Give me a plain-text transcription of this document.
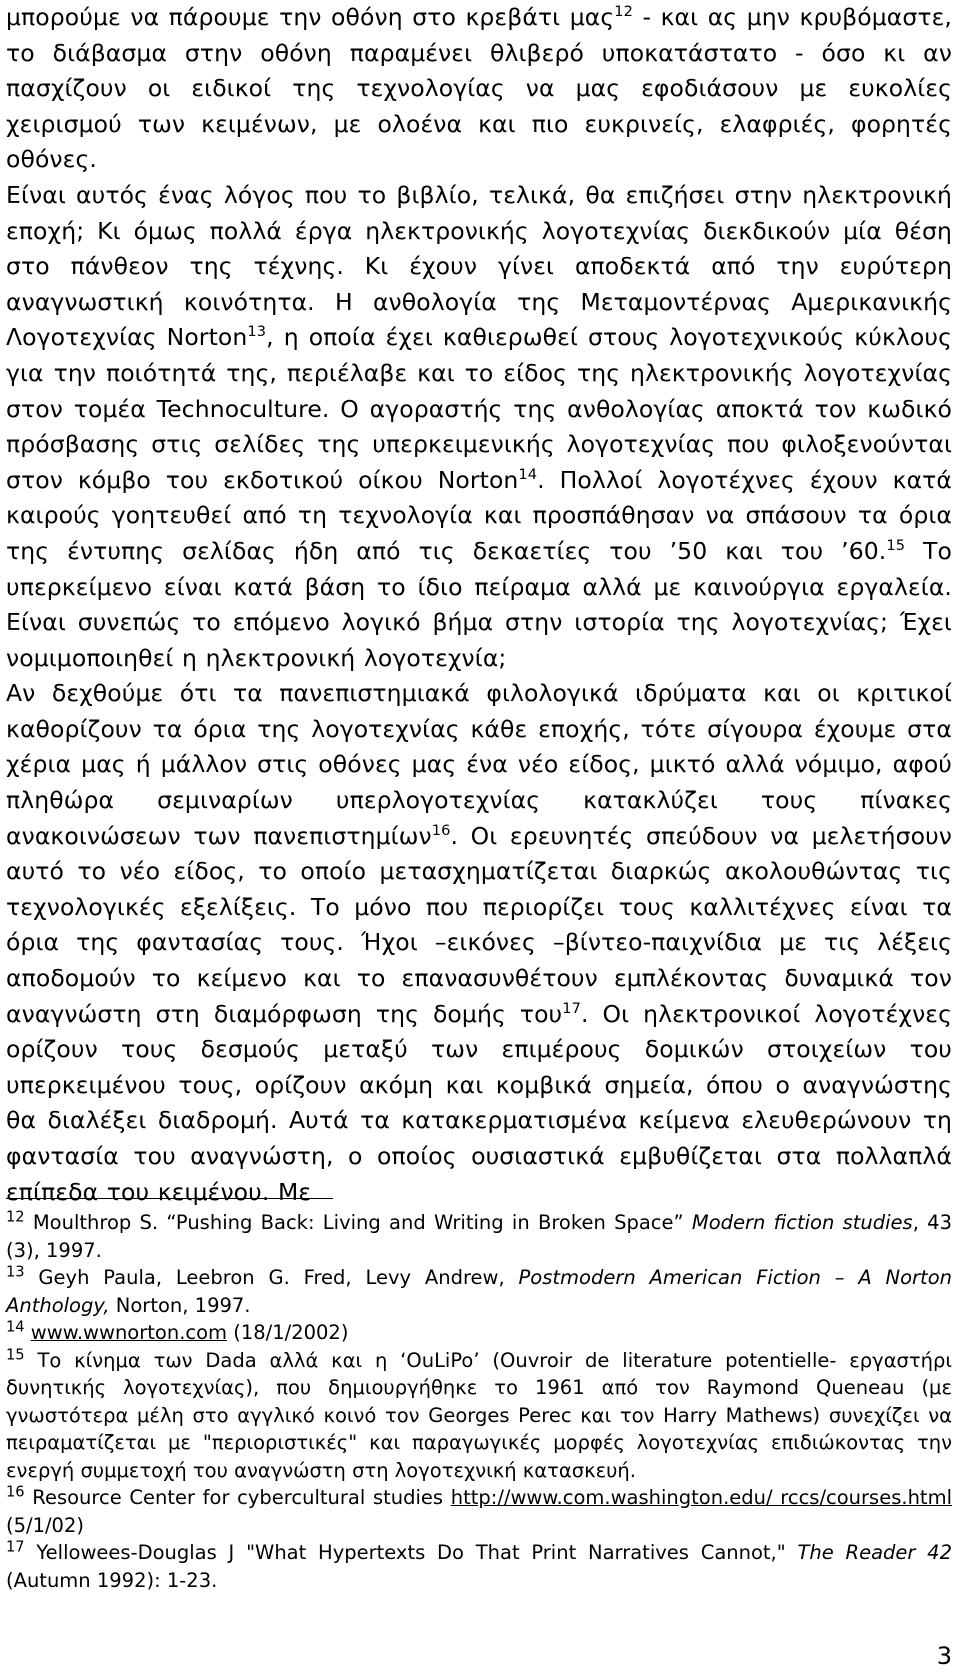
μπορούμε να πάρουμε την οθόνη στο κρεβάτι μας$^{12}$ - και ας μην κρυβόμαστε, το διάβασμα στην οθόνη παραμένει θλιβερό υποκατάστατο - όσο κι αν πασχίζουν οι ειδικοί της τεχνολογίας να μας εφοδιάσουν με ευκολίες χειρισμού των κειμένων, με ολοένα και πιο ευκρινείς, ελαφριές, φορητές οθόνες.

Είναι αυτός ένας λόγος που το βιβλίο, τελικά, θα επιζήσει στην ηλεκτρονική εποχή; Κι όμως πολλά έργα ηλεκτρονικής λογοτεχνίας διεκδικούν μία θέση στο πάνθεον της τέχνης. Κι έχουν γίνει αποδεκτά από την ευρύτερη αναγνωστική κοινότητα. Η ανθολογία της Μεταμοντέρνας Αμερικανικής Λογοτεχνίας Norton$^{13}$, η οποία έχει καθιερωθεί στους λογοτεχνικούς κύκλους για την ποιότητά της, περιέλαβε και το είδος της ηλεκτρονικής λογοτεχνίας στον τομέα Technoculture. Ο αγοραστής της ανθολογίας αποκτά τον κωδικό πρόσβασης στις σελίδες της υπερκειμενικής λογοτεχνίας που φιλοξενούνται στον κόμβο του εκδοτικού οίκου Norton$^{14}$. Πολλοί λογοτέχνες έχουν κατά καιρούς γοητευθεί από τη τεχνολογία και προσπάθησαν να σπάσουν τα όρια της έντυπης σελίδας ήδη από τις δεκαετίες του ’50 και του ’60.15 Το υπερκείμενο είναι κατά βάση το ίδιο πείραμα αλλά με καινούργια εργαλεία. Είναι συνεπώς το επόμενο λογικό βήμα στην ιστορία της λογοτεχνίας; Έχει νομιμοποιηθεί η ηλεκτρονική λογοτεχνία;

Αν δεχθούμε ότι τα πανεπιστημιακά φιλολογικά ιδρύματα και οι κριτικοί καθορίζουν τα όρια της λογοτεχνίας κάθε εποχής, τότε σίγουρα έχουμε στα χέρια μας ή μάλλον στις οθόνες μας ένα νέο είδος, μικτό αλλά νόμιμο, αφού πληθώρα σεμιναρίων υπερλογοτεχνίας κατακλύζει τους πίνακες ανακοινώσεων των πανεπιστημίων$^{16}$. Οι ερευνητές σπεύδουν να μελετήσουν αυτό το νέο είδος, το οποίο μετασχηματίζεται διαρκώς ακολουθώντας τις τεχνολογικές εξελίξεις. Το μόνο που περιορίζει τους καλλιτέχνες είναι τα όρια της φαντασίας τους. Ήχοι –εικόνες –βίντεο-παιχνίδια με τις λέξεις αποδομούν το κείμενο και το επανασυνθέτουν εμπλέκοντας δυναμικά τον αναγνώστη στη διαμόρφωση της δομής του$^{17}$. Οι ηλεκτρονικοί λογοτέχνες ορίζουν τους δεσμούς μεταξύ των επιμέρους δομικών στοιχείων του υπερκειμένου τους, ορίζουν ακόμη και κομβικά σημεία, όπου ο αναγνώστης θα διαλέξει διαδρομή. Αυτά τα κατακερματισμένα κείμενα ελευθερώνουν τη φαντασία του αναγνώστη, ο οποίος ουσιαστικά εμβυθίζεται στα πολλαπλά επίπεδα του κειμένου. Με

$^{12}$ Moulthrop S. “Pushing Back: Living and Writing in Broken Space” Modern fiction studies, 43 (3), 1997.

$^{13}$ Geyh Paula, Leebron G. Fred, Levy Andrew, Postmodern American Fiction – A Norton Anthology, Norton, 1997.

$^{14}$ www.wwnorton.com (18/1/2002)

$^{15}$ Το κίνημα των Dada αλλά και η ‘OuLiPo’ (Ouvroir de literature potentielle- εργαστήρι δυνητικής λογοτεχνίας), που δημιουργήθηκε το 1961 από τον Raymond Queneau (με γνωστότερα μέλη στο αγγλικό κοινό τον Georges Perec και τον Harry Mathews) συνεχίζει να πειραματίζεται με "περιοριστικές" και παραγωγικές μορφές λογοτεχνίας επιδιώκοντας την ενεργή συμμετοχή του αναγνώστη στη λογοτεχνική κατασκευή.

$^{16}$ Resource Center for cybercultural studies http://www.com.washington.edu/ rccs/courses.html (5/1/02)

$^{17}$ Yellowees-Douglas J "What Hypertexts Do That Print Narratives Cannot," The Reader 42 (Autumn 1992): 1-23.

3
